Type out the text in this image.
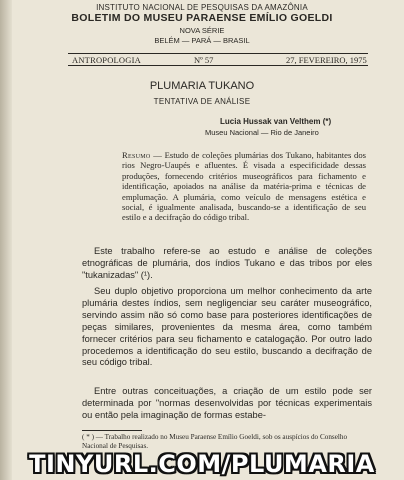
INSTITUTO NACIONAL DE PESQUISAS DA AMAZÔNIA
BOLETIM DO MUSEU PARAENSE EMÍLIO GOELDI
NOVA SÉRIE
BELÉM — PARÁ — BRASIL
ANTROPOLOGIA	Nº 57	27, FEVEREIRO, 1975
PLUMARIA TUKANO
TENTATIVA DE ANÁLISE
Lucia Hussak van Velthem (*)
Museu Nacional — Rio de Janeiro
Resumo — Estudo de coleções plumárias dos Tukano, habitantes dos rios Negro-Uaupés e afluentes. É visada a especificidade dessas produções, fornecendo critérios museográficos para fichamento e identificação, apoiados na análise da matéria-prima e técnicas de emplumação. A plumária, como veículo de mensagens estética e social, é igualmente analisada, buscando-se a identificação de seu estilo e a decifração do código tribal.
Este trabalho refere-se ao estudo e análise de coleções etnográficas de plumária, dos índios Tukano e das tribos por eles "tukanizadas" (¹).
Seu duplo objetivo proporciona um melhor conhecimento da arte plumária destes índios, sem negligenciar seu caráter museográfico, servindo assim não só como base para posteriores identificações de peças similares, provenientes da mesma área, como também fornecer critérios para seu fichamento e catalogação. Por outro lado procedemos a identificação do seu estilo, buscando a decifração de seu código tribal.
Entre outras conceituações, a criação de um estilo pode ser determinada por "normas desenvolvidas por técnicas experimentais ou então pela imaginação de formas estabe-
( * ) — Trabalho realizado no Museu Paraense Emílio Goeldi, sob os auspícios do Conselho Nacional de Pesquisas.
TINYURL.COM/PLUMARIA
